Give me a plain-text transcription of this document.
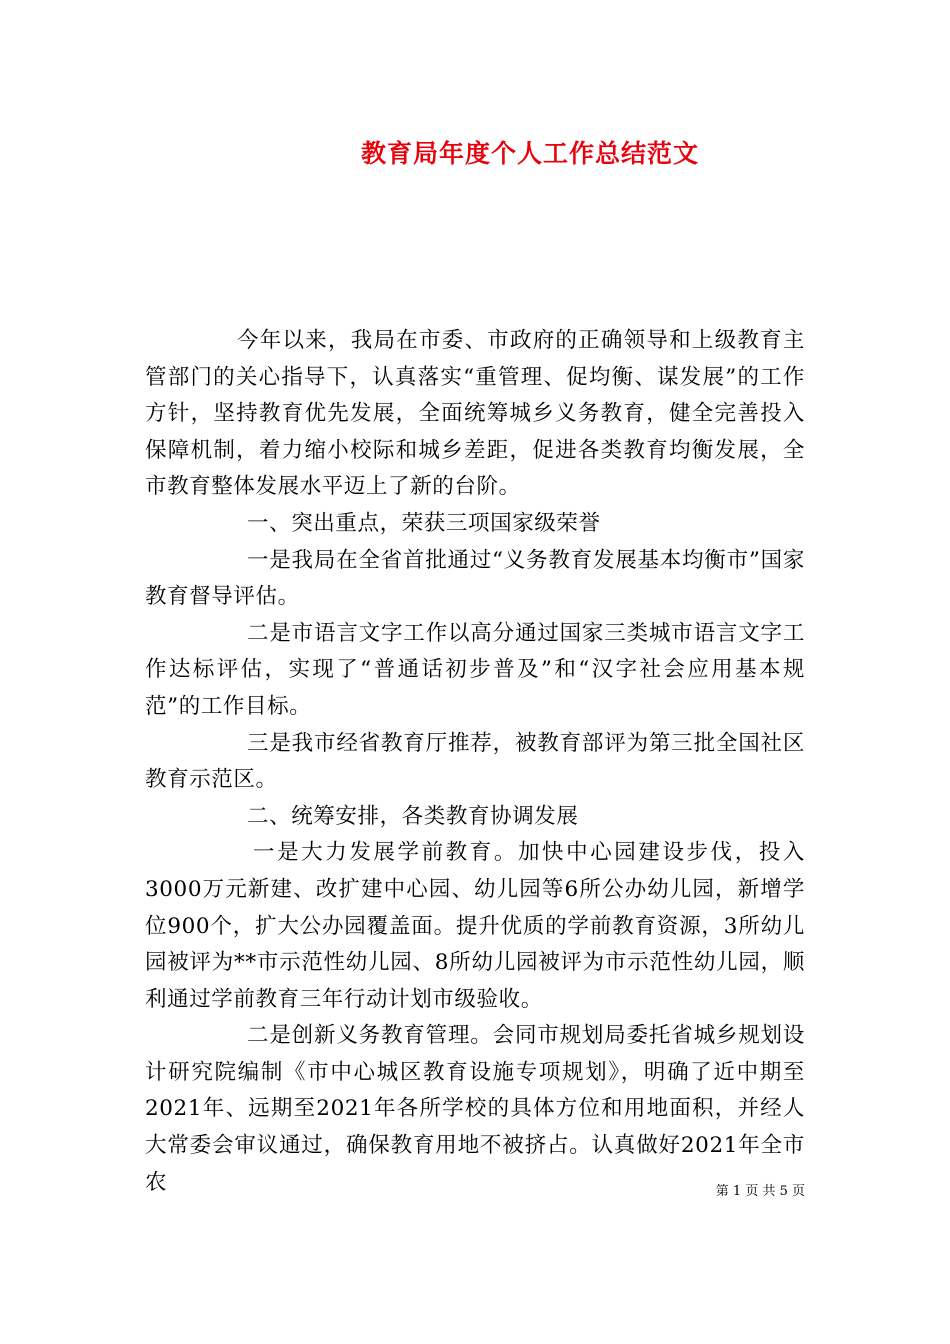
教育局年度个人工作总结范文

今年以来，我局在市委、市政府的正确领导和上级教育主管部门的关心指导下，认真落实“重管理、促均衡、谋发展”的工作方针，坚持教育优先发展，全面统筹城乡义务教育，健全完善投入保障机制，着力缩小校际和城乡差距，促进各类教育均衡发展，全市教育整体发展水平迈上了新的台阶。

一、突出重点，荣获三项国家级荣誉

一是我局在全省首批通过“义务教育发展基本均衡市”国家教育督导评估。

二是市语言文字工作以高分通过国家三类城市语言文字工作达标评估，实现了“普通话初步普及”和“汉字社会应用基本规范”的工作目标。

三是我市经省教育厅推荐，被教育部评为第三批全国社区教育示范区。

二、统筹安排，各类教育协调发展

一是大力发展学前教育。加快中心园建设步伐，投入3000万元新建、改扩建中心园、幼儿园等6所公办幼儿园，新增学位900个，扩大公办园覆盖面。提升优质的学前教育资源，3所幼儿园被评为**市示范性幼儿园、8所幼儿园被评为市示范性幼儿园，顺利通过学前教育三年行动计划市级验收。

二是创新义务教育管理。会同市规划局委托省城乡规划设计研究院编制《市中心城区教育设施专项规划》，明确了近中期至2021年、远期至2021年各所学校的具体方位和用地面积，并经人大常委会审议通过，确保教育用地不被挤占。认真做好2021年全市农	第 1 页 共 5 页
